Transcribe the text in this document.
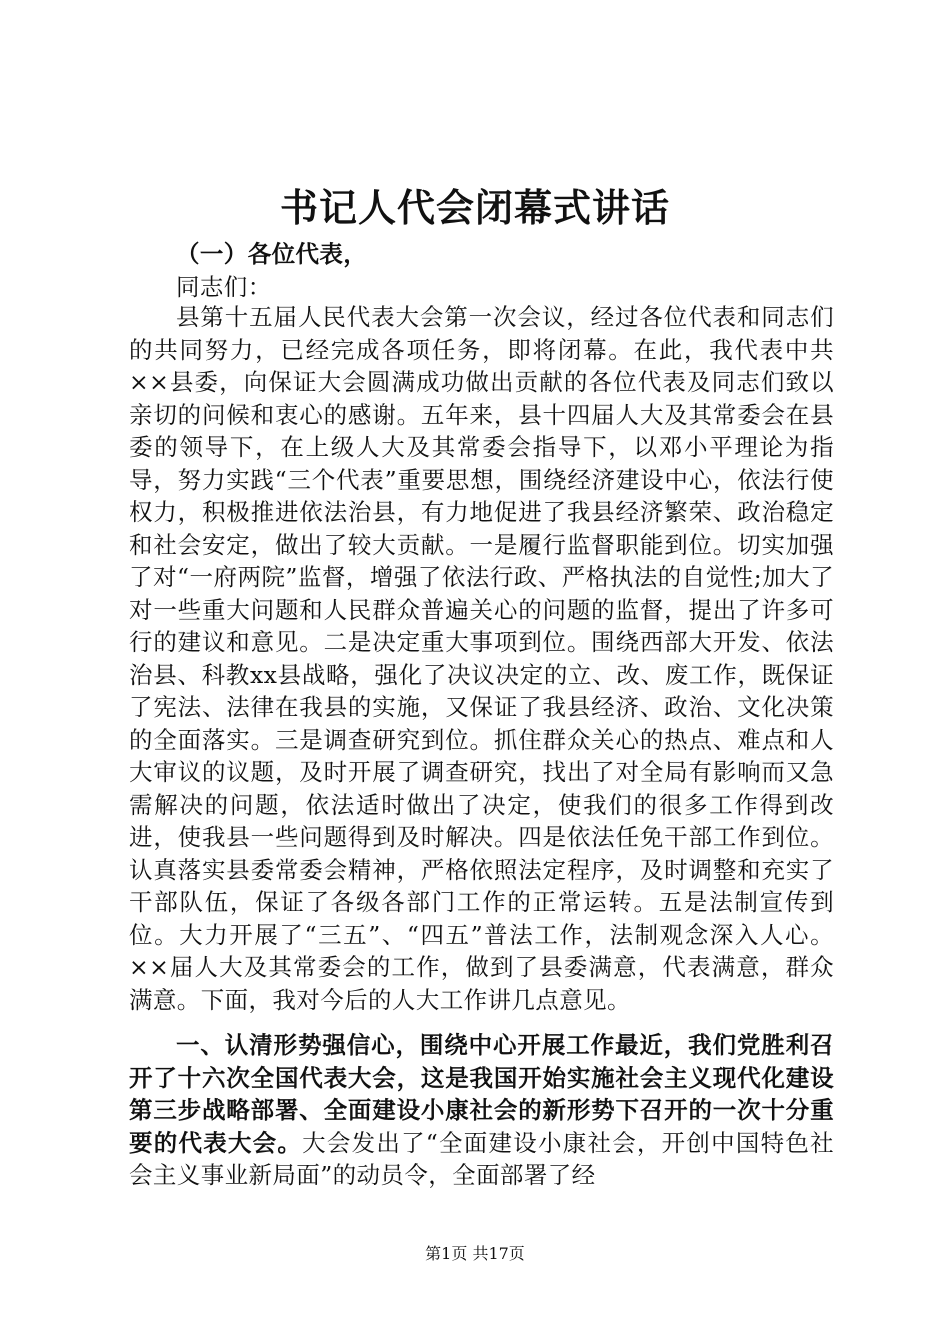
书记人代会闭幕式讲话
（一）各位代表，
同志们：
县第十五届人民代表大会第一次会议，经过各位代表和同志们的共同努力，已经完成各项任务，即将闭幕。在此，我代表中共××县委，向保证大会圆满成功做出贡献的各位代表及同志们致以亲切的问候和衷心的感谢。五年来，县十四届人大及其常委会在县委的领导下，在上级人大及其常委会指导下，以邓小平理论为指导，努力实践“三个代表”重要思想，围绕经济建设中心，依法行使权力，积极推进依法治县，有力地促进了我县经济繁荣、政治稳定和社会安定，做出了较大贡献。一是履行监督职能到位。切实加强了对“一府两院”监督，增强了依法行政、严格执法的自觉性;加大了对一些重大问题和人民群众普遍关心的问题的监督，提出了许多可行的建议和意见。二是决定重大事项到位。围绕西部大开发、依法治县、科教xx县战略，强化了决议决定的立、改、废工作，既保证了宪法、法律在我县的实施，又保证了我县经济、政治、文化决策的全面落实。三是调查研究到位。抓住群众关心的热点、难点和人大审议的议题，及时开展了调查研究，找出了对全局有影响而又急需解决的问题，依法适时做出了决定，使我们的很多工作得到改进，使我县一些问题得到及时解决。四是依法任免干部工作到位。认真落实县委常委会精神，严格依照法定程序，及时调整和充实了干部队伍，保证了各级各部门工作的正常运转。五是法制宣传到位。大力开展了“三五”、“四五”普法工作，法制观念深入人心。××届人大及其常委会的工作，做到了县委满意，代表满意，群众满意。下面，我对今后的人大工作讲几点意见。
一、认清形势强信心，围绕中心开展工作最近，我们党胜利召开了十六次全国代表大会，这是我国开始实施社会主义现代化建设第三步战略部署、全面建设小康社会的新形势下召开的一次十分重要的代表大会。大会发出了“全面建设小康社会，开创中国特色社会主义事业新局面”的动员令，全面部署了经
第1页 共17页
